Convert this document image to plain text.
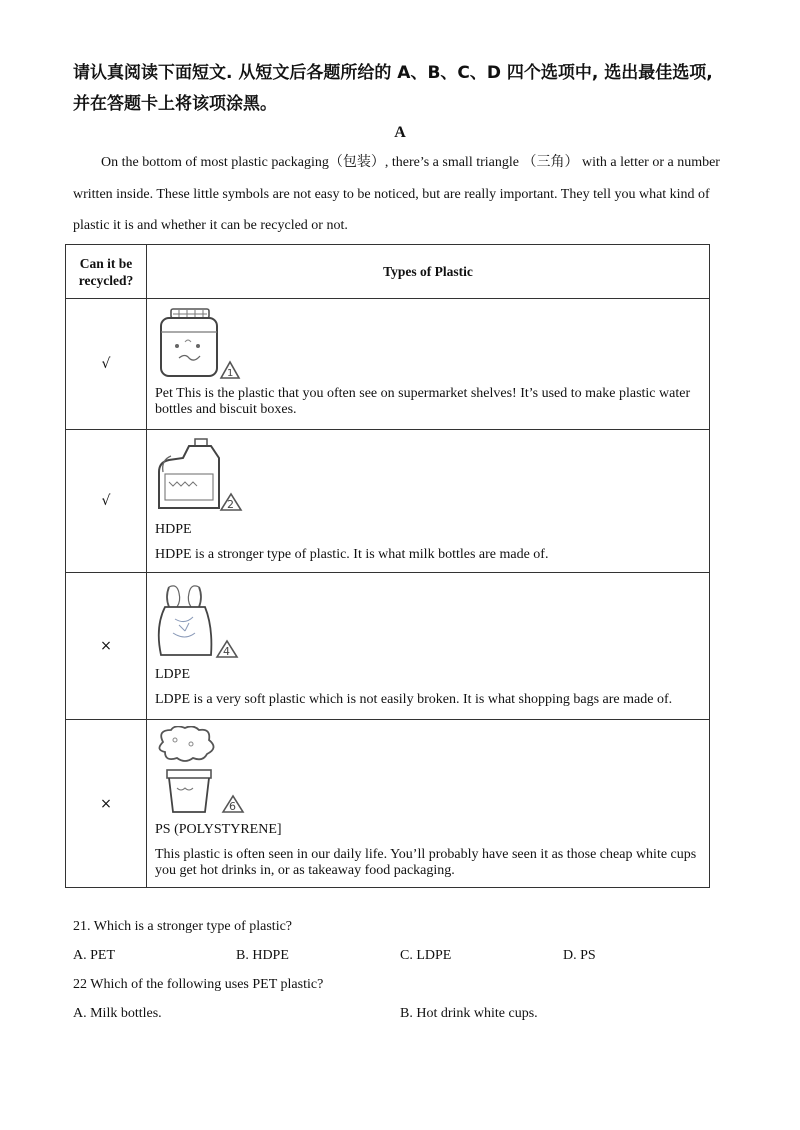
请认真阅读下面短文. 从短文后各题所给的 A、B、C、D 四个选项中, 选出最佳选项, 并在答题卡上将该项涂黑。
A
On the bottom of most plastic packaging（包装）, there’s a small triangle （三角） with a letter or a number written inside. These little symbols are not easy to be noticed, but are really important. They tell you what kind of plastic it is and whether it can be recycled or not.
Can it be recycled?	Types of Plastic
√	1
Pet This is the plastic that you often see on supermarket shelves! It’s used to make plastic water bottles and biscuit boxes.

√	2
HDPE
HDPE is a stronger type of plastic. It is what milk bottles are made of.

×	4
LDPE
LDPE is a very soft plastic which is not easily broken. It is what shopping bags are made of.

×	6
PS (POLYSTYRENE]
This plastic is often seen in our daily life. You’ll probably have seen it as those cheap white cups you get hot drinks in, or as takeaway food packaging.
21. Which is a stronger type of plastic?
A. PET	B. HDPE	C. LDPE	D. PS
22 Which of the following uses PET plastic?
A. Milk bottles.	B. Hot drink white cups.
